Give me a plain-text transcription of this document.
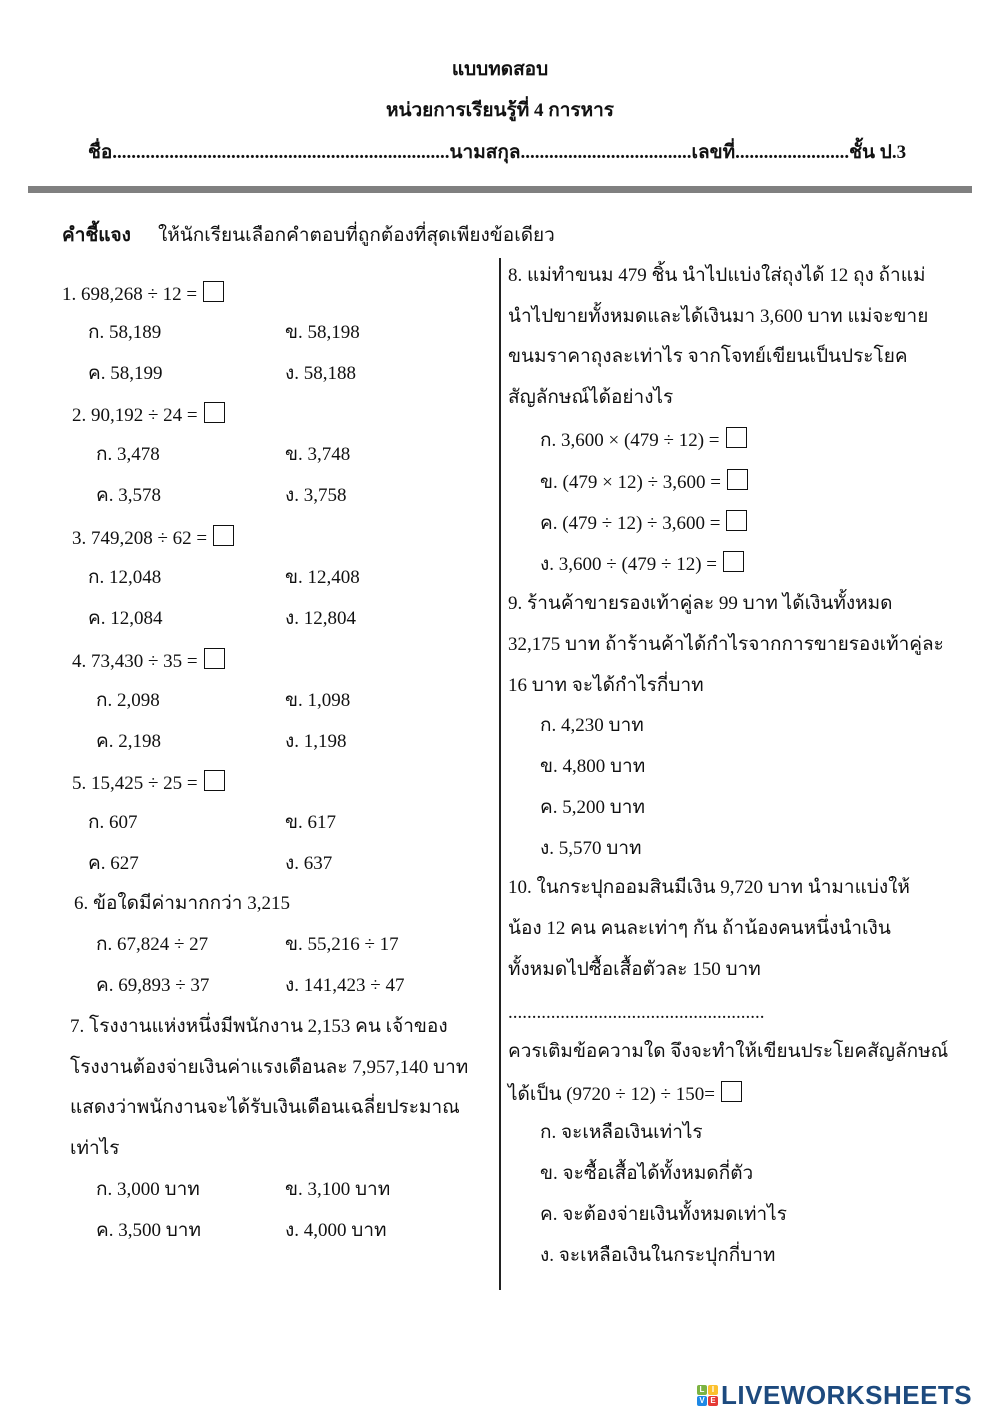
แบบทดสอบ
หน่วยการเรียนรู้ที่ 4 การหาร
ชื่อ.......................................................................นามสกุล....................................เลขที่........................ชั้น ป.3
คำชี้แจง ให้นักเรียนเลือกคำตอบที่ถูกต้องที่สุดเพียงข้อเดียว
1. 698,268 ÷ 12 =
ก. 58,189	ข. 58,198
ค. 58,199	ง. 58,188
2. 90,192 ÷ 24 =
ก. 3,478	ข. 3,748
ค. 3,578	ง. 3,758
3. 749,208 ÷ 62 =
ก. 12,048	ข. 12,408
ค. 12,084	ง. 12,804
4. 73,430 ÷ 35 =
ก. 2,098	ข. 1,098
ค. 2,198	ง. 1,198
5. 15,425 ÷ 25 =
ก. 607	ข. 617
ค. 627	ง. 637
6. ข้อใดมีค่ามากกว่า 3,215
ก. 67,824 ÷ 27	ข. 55,216 ÷ 17
ค. 69,893 ÷ 37	ง. 141,423 ÷ 47
7. โรงงานแห่งหนึ่งมีพนักงาน 2,153 คน เจ้าของ
โรงงานต้องจ่ายเงินค่าแรงเดือนละ 7,957,140 บาท
แสดงว่าพนักงานจะได้รับเงินเดือนเฉลี่ยประมาณ
เท่าไร
ก. 3,000 บาท	ข. 3,100 บาท
ค. 3,500 บาท	ง. 4,000 บาท
8. แม่ทำขนม 479 ชิ้น นำไปแบ่งใส่ถุงได้ 12 ถุง ถ้าแม่
นำไปขายทั้งหมดและได้เงินมา 3,600 บาท แม่จะขาย
ขนมราคาถุงละเท่าไร จากโจทย์เขียนเป็นประโยค
สัญลักษณ์ได้อย่างไร
ก. 3,600 × (479 ÷ 12) =
ข. (479 × 12) ÷ 3,600 =
ค. (479 ÷ 12) ÷ 3,600 =
ง. 3,600 ÷ (479 ÷ 12) =
9. ร้านค้าขายรองเท้าคู่ละ 99 บาท ได้เงินทั้งหมด
32,175 บาท ถ้าร้านค้าได้กำไรจากการขายรองเท้าคู่ละ
16 บาท จะได้กำไรกี่บาท
ก. 4,230 บาท
ข. 4,800 บาท
ค. 5,200 บาท
ง. 5,570 บาท
10. ในกระปุกออมสินมีเงิน 9,720 บาท นำมาแบ่งให้
น้อง 12 คน คนละเท่าๆ กัน ถ้าน้องคนหนึ่งนำเงิน
ทั้งหมดไปซื้อเสื้อตัวละ 150 บาท
......................................................
ควรเติมข้อความใด จึงจะทำให้เขียนประโยคสัญลักษณ์
ได้เป็น (9720 ÷ 12) ÷ 150=
ก. จะเหลือเงินเท่าไร
ข. จะซื้อเสื้อได้ทั้งหมดกี่ตัว
ค. จะต้องจ่ายเงินทั้งหมดเท่าไร
ง. จะเหลือเงินในกระปุกกี่บาท
L I
V E LIVEWORKSHEETS
